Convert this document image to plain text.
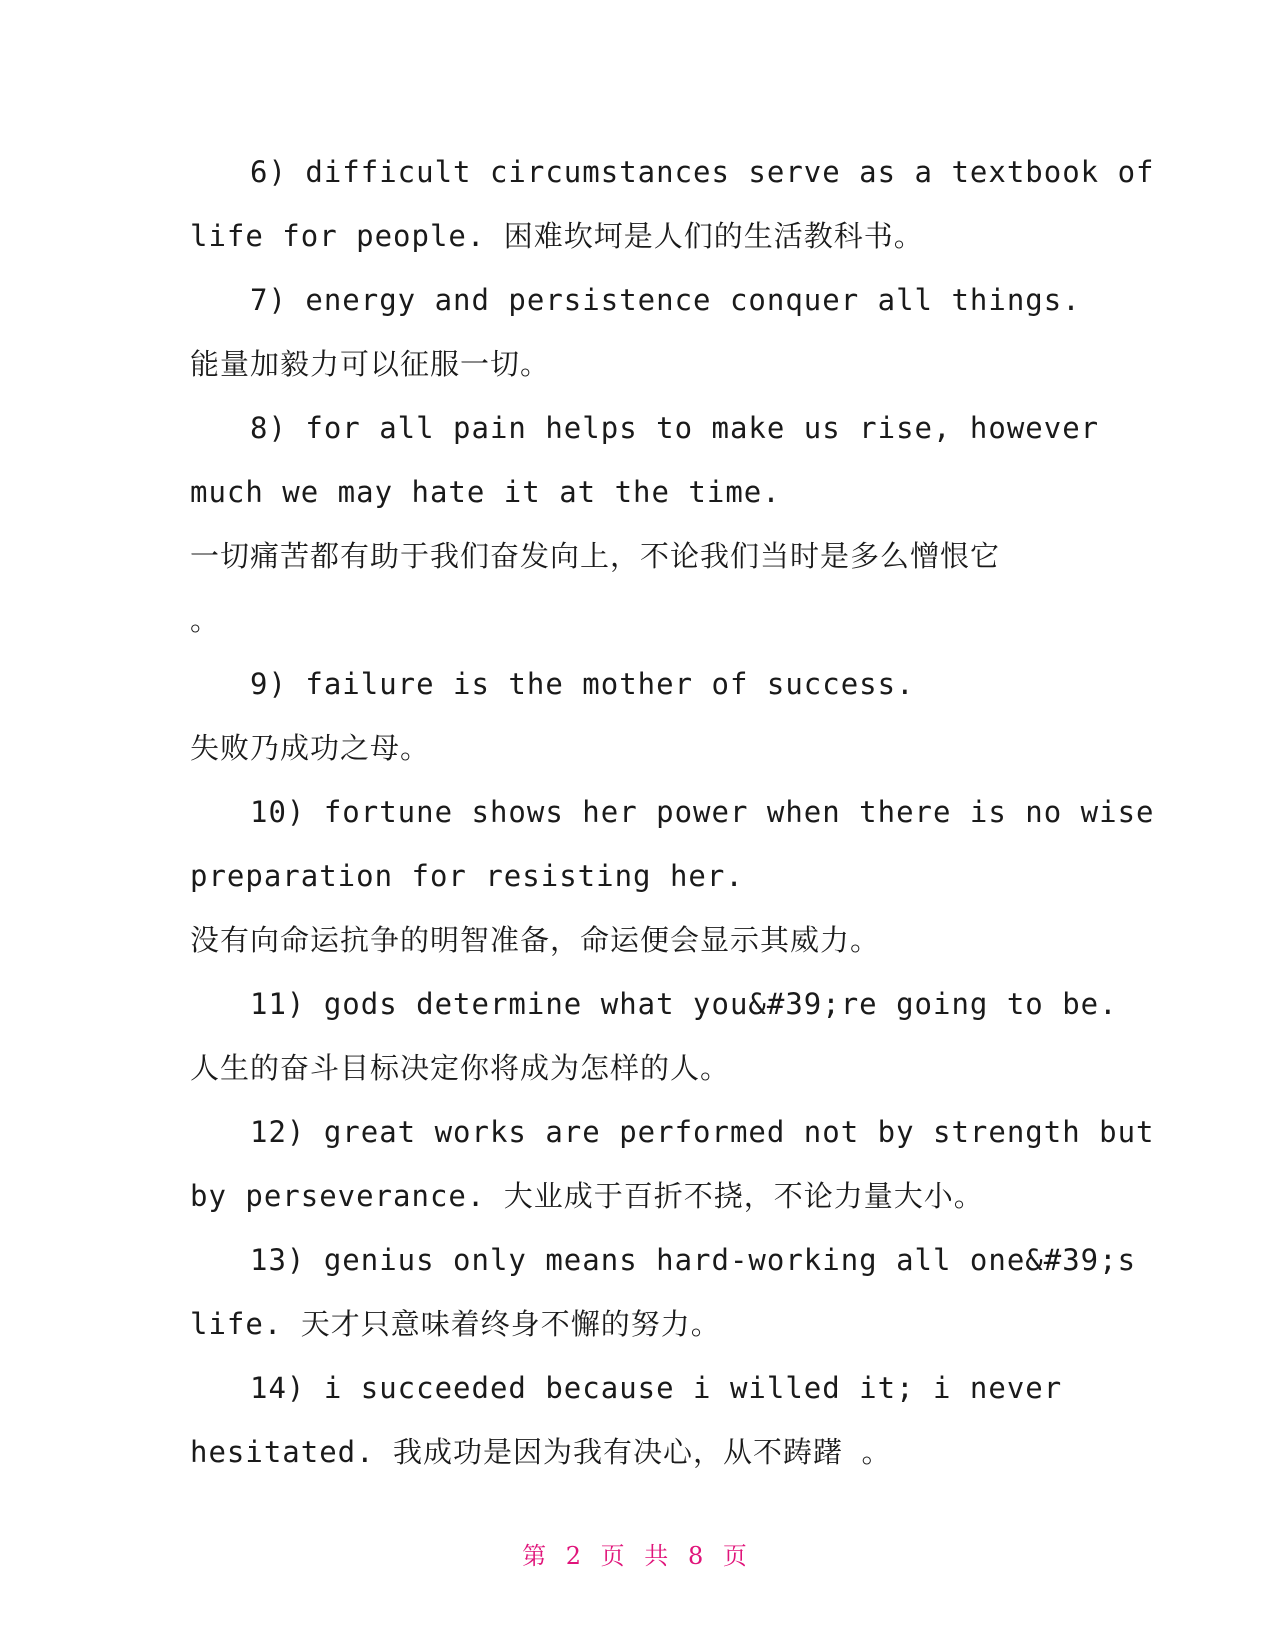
6) difficult circumstances serve as a textbook of
life for people. 困难坎坷是人们的生活教科书。
7) energy and persistence conquer all things.
能量加毅力可以征服一切。
8) for all pain helps to make us rise, however
much we may hate it at the time.
一切痛苦都有助于我们奋发向上，不论我们当时是多么憎恨它
。
9) failure is the mother of success.
失败乃成功之母。
10) fortune shows her power when there is no wise
preparation for resisting her.
没有向命运抗争的明智准备，命运便会显示其威力。
11) gods determine what you&#39;re going to be.
人生的奋斗目标决定你将成为怎样的人。
12) great works are performed not by strength but
by perseverance. 大业成于百折不挠，不论力量大小。
13) genius only means hard-working all one&#39;s
life. 天才只意味着终身不懈的努力。
14) i succeeded because i willed it; i never
hesitated. 我成功是因为我有决心，从不踌躇 。
第 2 页 共 8 页
